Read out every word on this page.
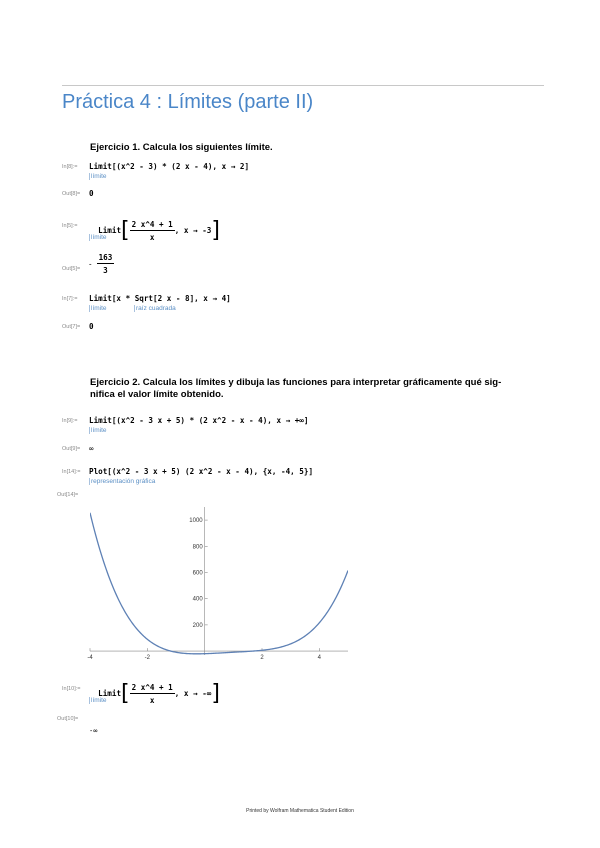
Práctica 4 : Límites (parte II)
Ejercicio 1. Calcula los siguientes límite.
In[8]:= Limit[(x^2 - 3) * (2 x - 4), x → 2]
límite
Out[8]= 0
In[5]:=	Limit[ $\frac{2 x\^{}4 + 1}{x}$ , x → -3]

límite
Out[5]=
- $\frac{163}{3}$
In[7]:= Limit[x * Sqrt[2 x - 8], x → 4]
límite	raíz cuadrada
Out[7]= 0
Ejercicio 2. Calcula los límites y dibuja las funciones para interpretar gráficamente qué sig-
nifica el valor límite obtenido.
In[9]:= Limit[(x^2 - 3 x + 5) * (2 x^2 - x - 4), x → +∞]
límite
Out[9]= ∞
In[14]:= Plot[(x^2 - 3 x + 5) (2 x^2 - x - 4), {x, -4, 5}]
representación gráfica
Out[14]=
-4	-2	2	4
200
400
600
800
1000
In[10]:=	Limit[ $\frac{2 x\^{}4 + 1}{x}$ , x → -∞]

límite
Out[10]=
-∞
Printed by Wolfram Mathematica Student Edition
